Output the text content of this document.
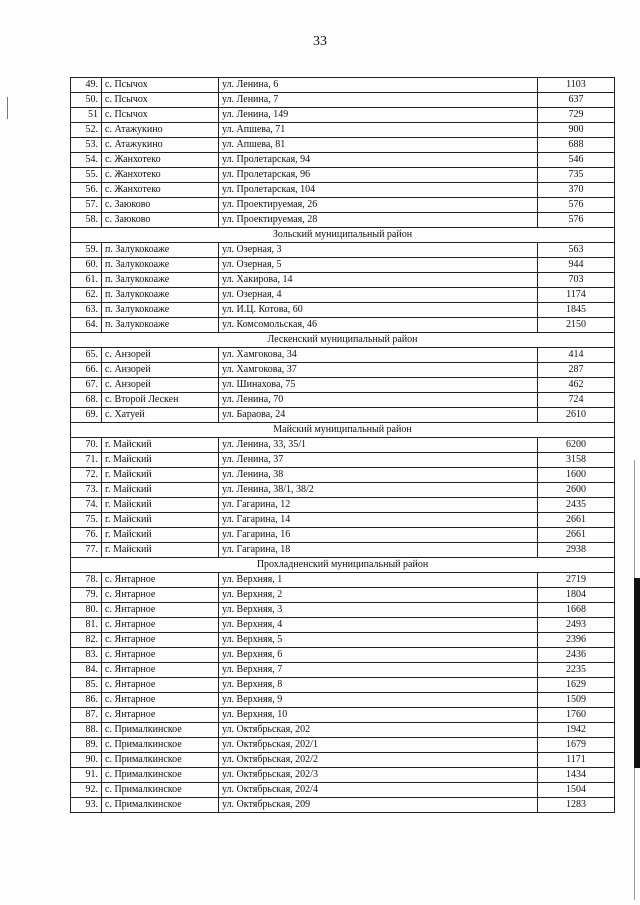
33
49.	с. Псычох	ул. Ленина, 6	1103
50.	с. Псычох	ул. Ленина, 7	637
51	с. Псычох	ул. Ленина, 149	729
52.	с. Атажукино	ул. Апшева, 71	900
53.	с. Атажукино	ул. Апшева, 81	688
54.	с. Жанхотеко	ул. Пролетарская, 94	546
55.	с. Жанхотеко	ул. Пролетарская, 96	735
56.	с. Жанхотеко	ул. Пролетарская, 104	370
57.	с. Заюково	ул. Проектируемая, 26	576
58.	с. Заюково	ул. Проектируемая, 28	576
Зольский муниципальный район			
59.	п. Залукокоаже	ул. Озерная, 3	563
60.	п. Залукокоаже	ул. Озерная, 5	944
61.	п. Залукокоаже	ул. Хакирова, 14	703
62.	п. Залукокоаже	ул. Озерная, 4	1174
63.	п. Залукокоаже	ул. И.Ц. Котова, 60	1845
64.	п. Залукокоаже	ул. Комсомольская, 46	2150
Лескенский муниципальный район			
65.	с. Анзорей	ул. Хамгокова, 34	414
66.	с. Анзорей	ул. Хамгокова, 37	287
67.	с. Анзорей	ул. Шинахова, 75	462
68.	с. Второй Лескен	ул. Ленина, 70	724
69.	с. Хатуей	ул. Бараова, 24	2610
Майский муниципальный район			
70.	г. Майский	ул. Ленина, 33, 35/1	6200
71.	г. Майский	ул. Ленина, 37	3158
72.	г. Майский	ул. Ленина, 38	1600
73.	г. Майский	ул. Ленина, 38/1, 38/2	2600
74.	г. Майский	ул. Гагарина, 12	2435
75.	г. Майский	ул. Гагарина, 14	2661
76.	г. Майский	ул. Гагарина, 16	2661
77.	г. Майский	ул. Гагарина, 18	2938
Прохладненский муниципальный район			
78.	с. Янтарное	ул. Верхняя, 1	2719
79.	с. Янтарное	ул. Верхняя, 2	1804
80.	с. Янтарное	ул. Верхняя, 3	1668
81.	с. Янтарное	ул. Верхняя, 4	2493
82.	с. Янтарное	ул. Верхняя, 5	2396
83.	с. Янтарное	ул. Верхняя, 6	2436
84.	с. Янтарное	ул. Верхняя, 7	2235
85.	с. Янтарное	ул. Верхняя, 8	1629
86.	с. Янтарное	ул. Верхняя, 9	1509
87.	с. Янтарное	ул. Верхняя, 10	1760
88.	с. Прималкинское	ул. Октябрьская, 202	1942
89.	с. Прималкинское	ул. Октябрьская, 202/1	1679
90.	с. Прималкинское	ул. Октябрьская, 202/2	1171
91.	с. Прималкинское	ул. Октябрьская, 202/3	1434
92.	с. Прималкинское	ул. Октябрьская, 202/4	1504
93.	с. Прималкинское	ул. Октябрьская, 209	1283
